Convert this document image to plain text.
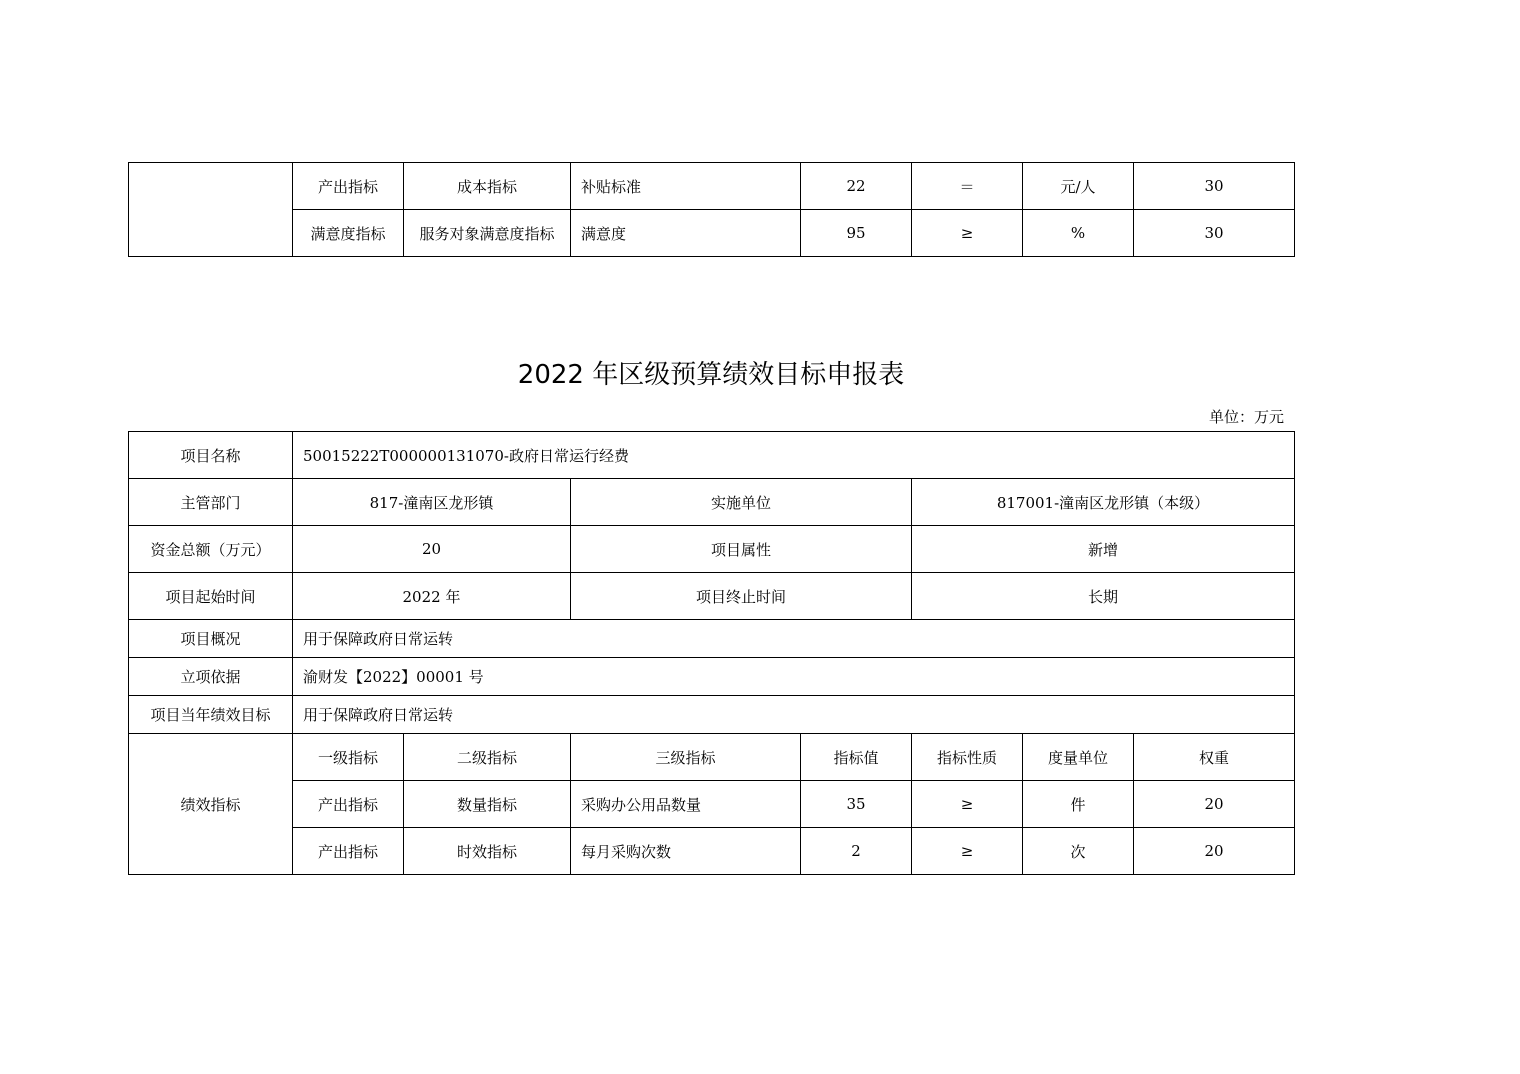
	产出指标	成本指标	补贴标准	22	＝	元/人	30
	满意度指标	服务对象满意度指标	满意度	95	≥	%	30
2022 年区级预算绩效目标申报表
单位：万元
项目名称	50015222T000000131070-政府日常运行经费						
主管部门	817-潼南区龙形镇		实施单位		817001-潼南区龙形镇（本级）		
资金总额（万元）	20		项目属性		新增		
项目起始时间	2022 年		项目终止时间		长期		
项目概况	用于保障政府日常运转						
立项依据	渝财发【2022】00001 号						
项目当年绩效目标	用于保障政府日常运转						
绩效指标	一级指标	二级指标	三级指标	指标值	指标性质	度量单位	权重
	产出指标	数量指标	采购办公用品数量	35	≥	件	20
	产出指标	时效指标	每月采购次数	2	≥	次	20
